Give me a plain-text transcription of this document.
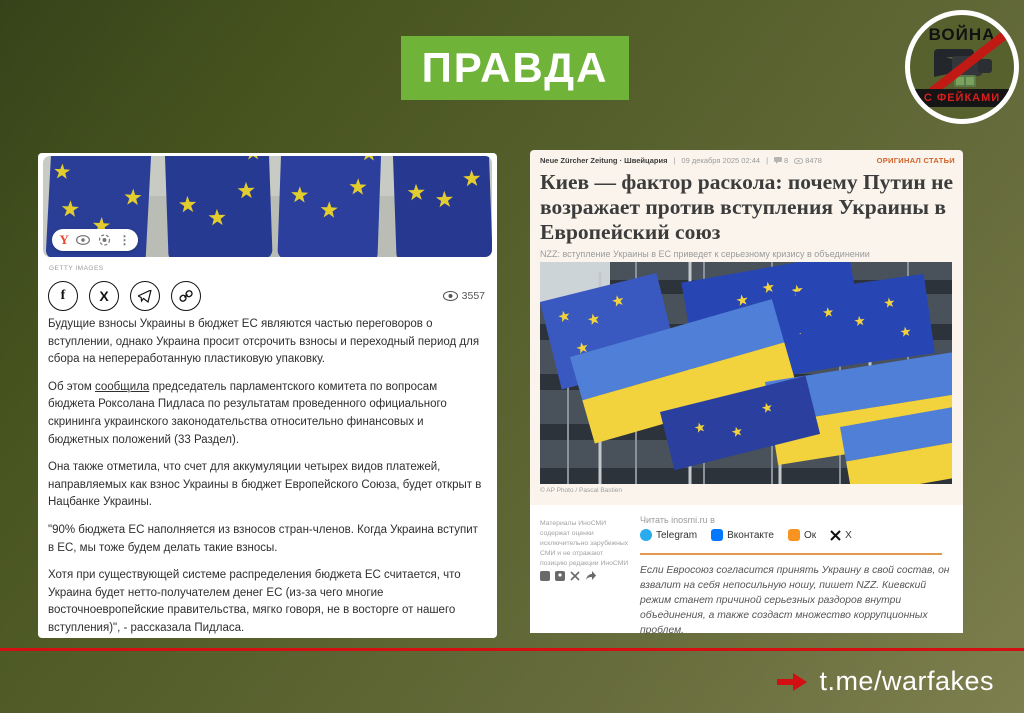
ПРАВДА
ВОЙНА
С ФЕЙКАМИ
Y	⋮
GETTY IMAGES
f	X	3557

Будущие взносы Украины в бюджет ЕС являются частью переговоров о вступлении, однако Украина просит отсрочить взносы и переходный период для сбора на непереработанную пластиковую упаковку.

Об этом сообщила председатель парламентского комитета по вопросам бюджета Роксолана Пидласа по результатам проведенного официального скрининга украинского законодательства относительно финансовых и бюджетных положений (33 Раздел).

Она также отметила, что счет для аккумуляции четырех видов платежей, направляемых как взнос Украины в бюджет Европейского Союза, будет открыт в Нацбанке Украины.

"90% бюджета ЕС наполняется из взносов стран-членов. Когда Украина вступит в ЕС, мы тоже будем делать такие взносы.

Хотя при существующей системе распределения бюджета ЕС считается, что Украина будет нетто-получателем денег ЕС (из-за чего многие восточноевропейские правительства, мягко говоря, не в восторге от нашего вступления)", - рассказала Пидласа.

Neue Zürcher Zeitung · Швейцария | 09 декабря 2025 02:44 | 8 8478	ОРИГИНАЛ СТАТЬИ
Киев — фактор раскола: почему Путин не возражает против вступления Украины в Европейский союз
NZZ: вступление Украины в ЕС приведет к серьезному кризису в объединении
© AP Photo / Pascal Bastien
Материалы ИноСМИ содержат оценки исключительно зарубежных СМИ и не отражают позицию редакции ИноСМИ
Читать inosmi.ru в
Telegram	Вконтакте	Ок	X
Если Евросоюз согласится принять Украину в свой состав, он взвалит на себя непосильную ношу, пишет NZZ. Киевский режим станет причиной серьезных раздоров внутри объединения, а также создаст множество коррупционных проблем.
t.me/warfakes
